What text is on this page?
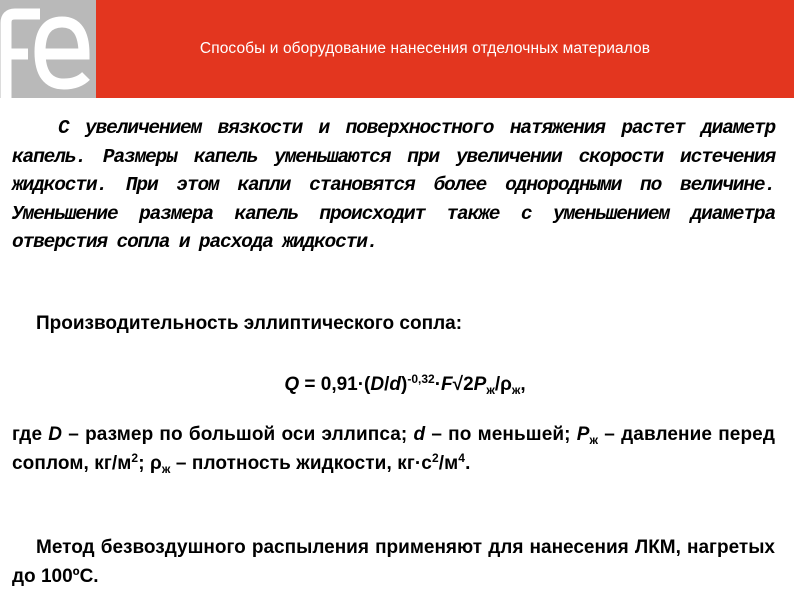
Способы и оборудование нанесения отделочных материалов
С увеличением вязкости и поверхностного натяжения растет диаметр капель. Размеры капель уменьшаются при увеличении скорости истечения жидкости. При этом капли становятся более однородными по величине. Уменьшение размера капель происходит также с уменьшением диаметра отверстия сопла и расхода жидкости.
Производительность эллиптического сопла:
$Q = 0,91\cdot(D/d)^{-0,32}\cdot F√2P_ж/\rho_ж$,
где D – размер по большой оси эллипса; d – по меньшей; $P_ж$ – давление перед соплом, $кг/м^2$; $\rho_ж$ – плотность жидкости, $кг\cdot с^2/м^4$.
Метод безвоздушного распыления применяют для нанесения ЛКМ, нагретых до 100ºС.
